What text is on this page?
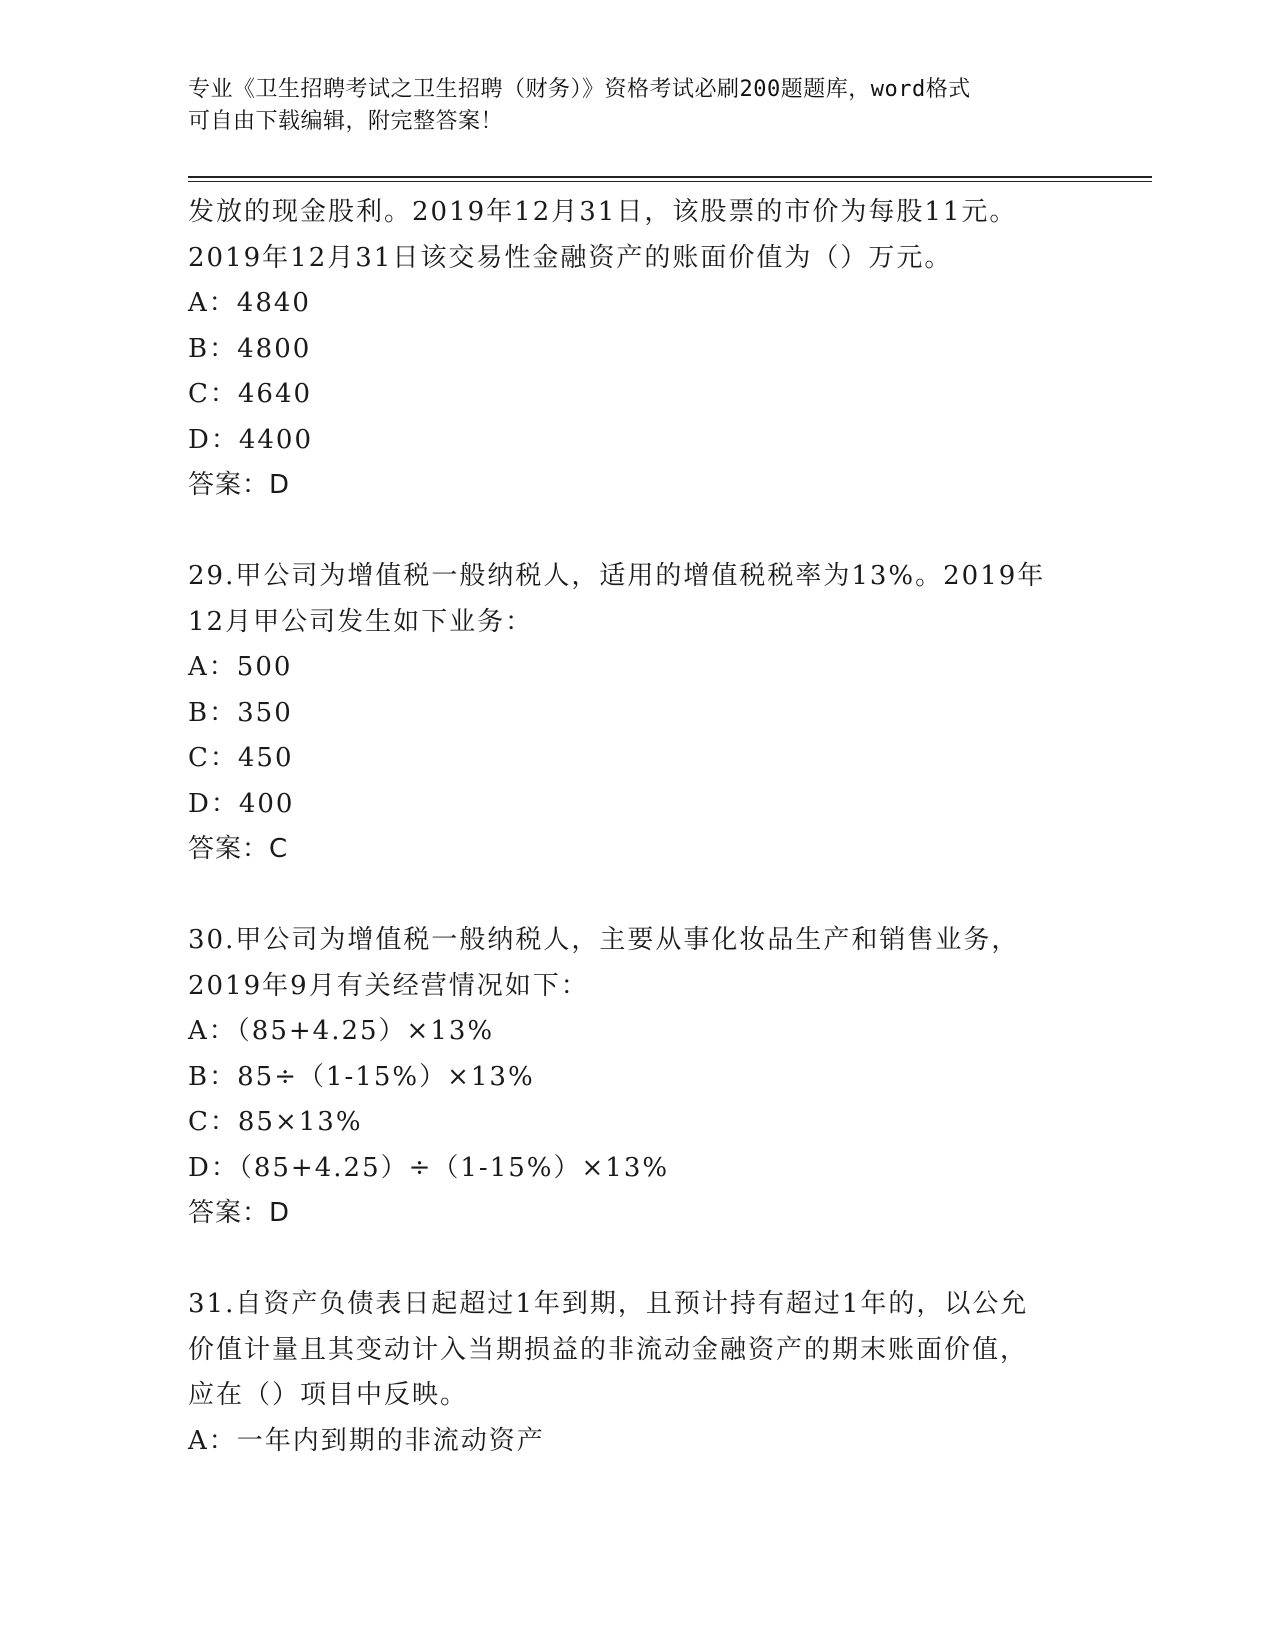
专业《卫生招聘考试之卫生招聘（财务）》资格考试必刷200题题库，word格式
可自由下载编辑，附完整答案！
发放的现金股利。2019年12月31日，该股票的市价为每股11元。
2019年12月31日该交易性金融资产的账面价值为（）万元。
A：4840
B：4800
C：4640
D：4400
答案：D
29.甲公司为增值税一般纳税人，适用的增值税税率为13%。2019年
12月甲公司发生如下业务：
A：500
B：350
C：450
D：400
答案：C
30.甲公司为增值税一般纳税人，主要从事化妆品生产和销售业务，
2019年9月有关经营情况如下：
A：（85+4.25）×13%
B：85÷（1-15%）×13%
C：85×13%
D：（85+4.25）÷（1-15%）×13%
答案：D
31.自资产负债表日起超过1年到期，且预计持有超过1年的，以公允
价值计量且其变动计入当期损益的非流动金融资产的期末账面价值，
应在（）项目中反映。
A：一年内到期的非流动资产
